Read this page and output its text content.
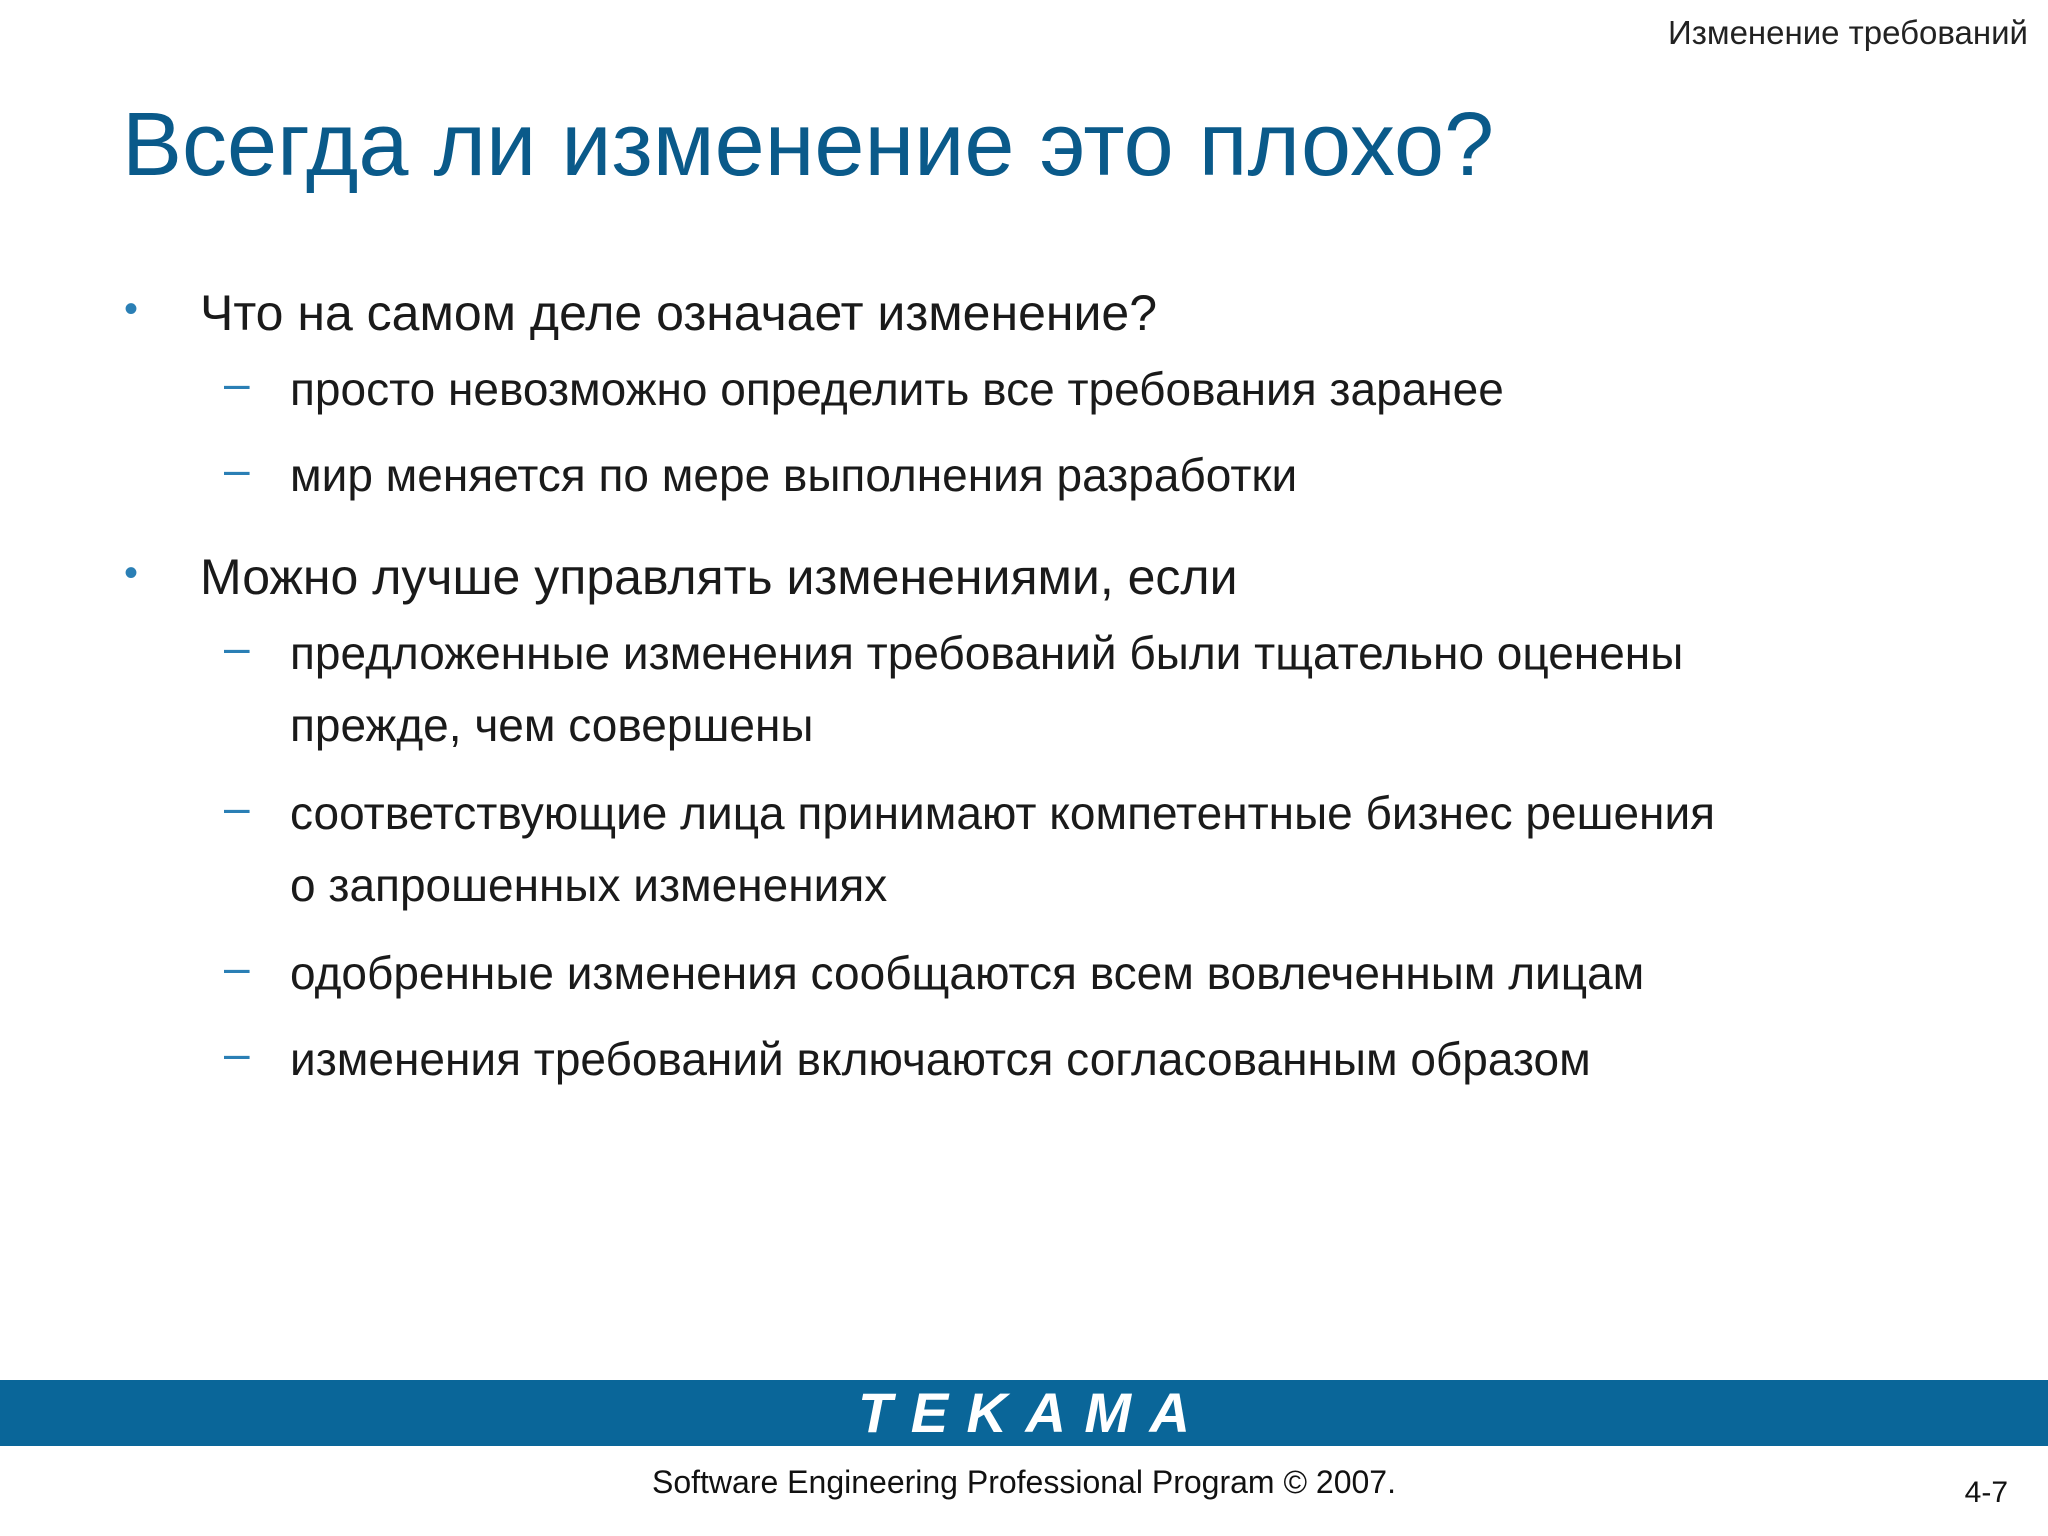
Изменение требований
Всегда ли изменение это плохо?
• Что на самом деле означает изменение?
– просто невозможно определить все требования заранее
– мир меняется по мере выполнения разработки
• Можно лучше управлять изменениями, если
– предложенные изменения требований были тщательно оценены
прежде, чем совершены
– соответствующие лица принимают компетентные бизнес решения
о запрошенных изменениях
– одобренные изменения сообщаются всем вовлеченным лицам
– изменения требований включаются согласованным образом
TEKAMA
Software Engineering Professional Program © 2007.	4-7
